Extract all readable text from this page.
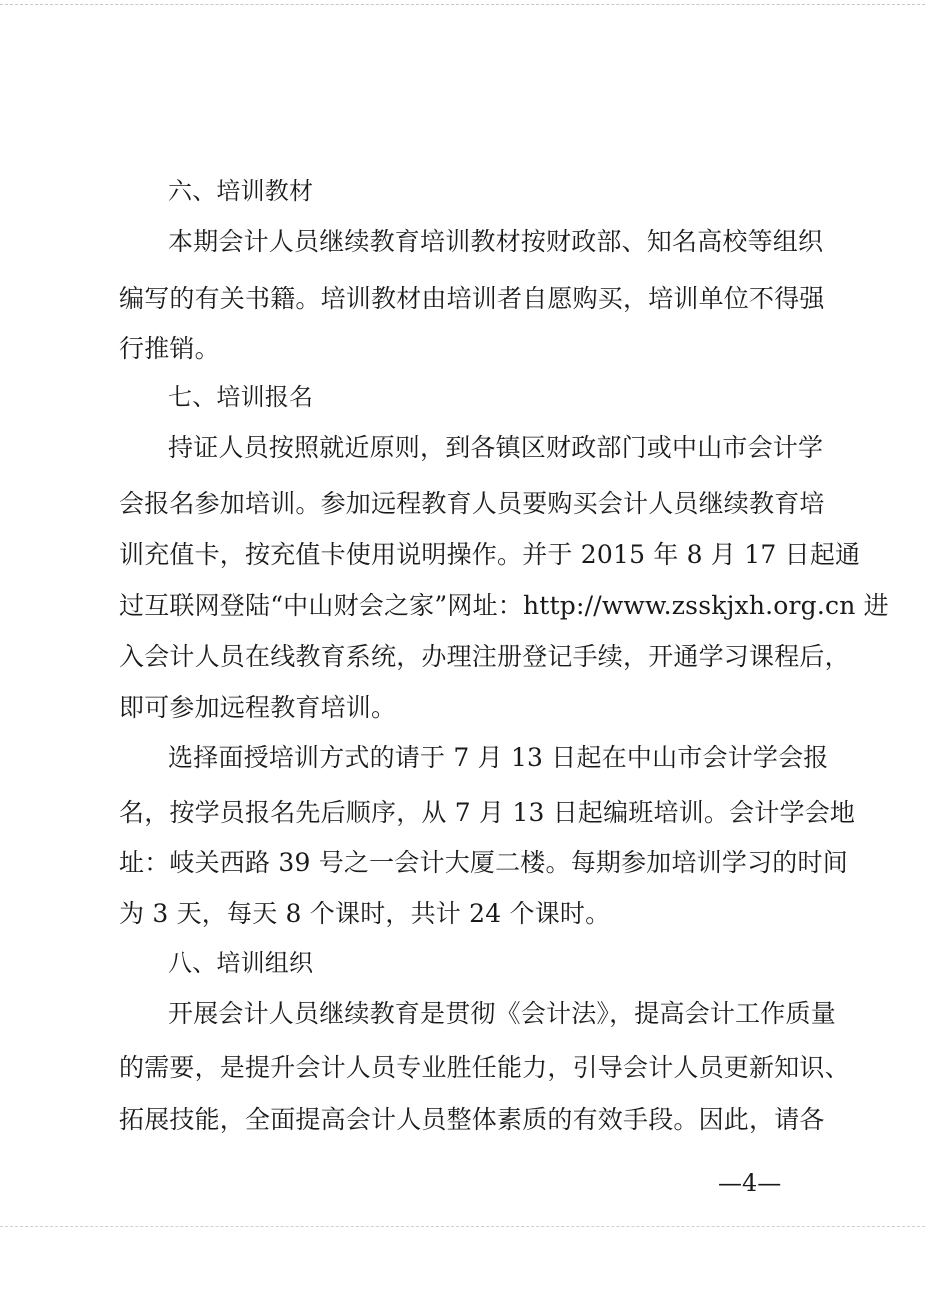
六、培训教材
本期会计人员继续教育培训教材按财政部、知名高校等组织
编写的有关书籍。培训教材由培训者自愿购买，培训单位不得强
行推销。
七、培训报名
持证人员按照就近原则，到各镇区财政部门或中山市会计学
会报名参加培训。参加远程教育人员要购买会计人员继续教育培
训充值卡，按充值卡使用说明操作。并于 2015 年 8 月 17 日起通
过互联网登陆“中山财会之家”网址：http://www.zsskjxh.org.cn 进
入会计人员在线教育系统，办理注册登记手续，开通学习课程后，
即可参加远程教育培训。
选择面授培训方式的请于 7 月 13 日起在中山市会计学会报
名，按学员报名先后顺序，从 7 月 13 日起编班培训。会计学会地
址：岐关西路 39 号之一会计大厦二楼。每期参加培训学习的时间
为 3 天，每天 8 个课时，共计 24 个课时。
八、培训组织
开展会计人员继续教育是贯彻《会计法》，提高会计工作质量
的需要，是提升会计人员专业胜任能力，引导会计人员更新知识、
拓展技能，全面提高会计人员整体素质的有效手段。因此，请各
—4—
